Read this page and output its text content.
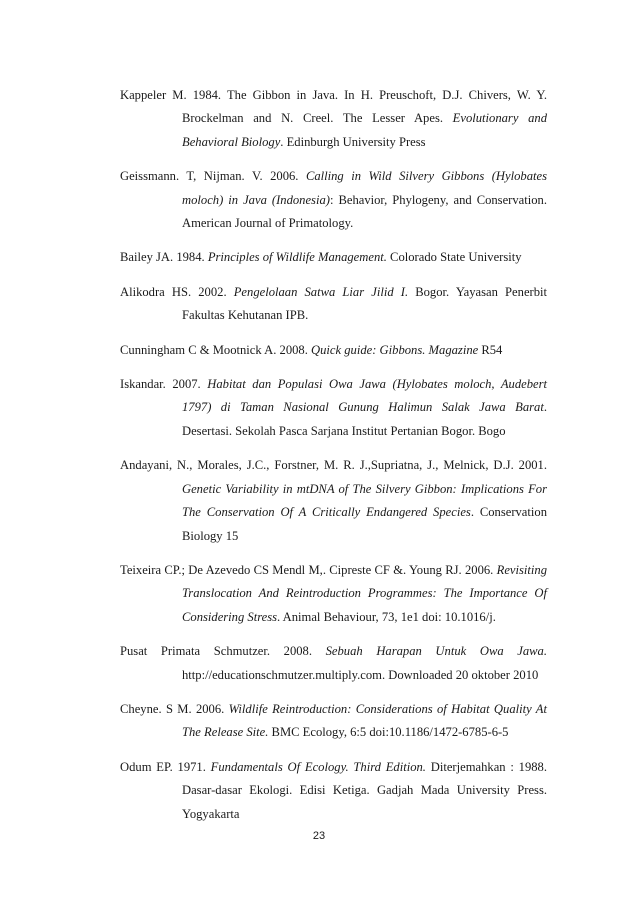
Kappeler M. 1984. The Gibbon in Java. In H. Preuschoft, D.J. Chivers, W. Y. Brockelman and N. Creel. The Lesser Apes. Evolutionary and Behavioral Biology. Edinburgh University Press

Geissmann. T, Nijman. V. 2006. Calling in Wild Silvery Gibbons (Hylobates moloch) in Java (Indonesia): Behavior, Phylogeny, and Conservation. American Journal of Primatology.

Bailey JA. 1984. Principles of Wildlife Management. Colorado State University

Alikodra HS. 2002. Pengelolaan Satwa Liar Jilid I. Bogor. Yayasan Penerbit Fakultas Kehutanan IPB.

Cunningham C & Mootnick A. 2008. Quick guide: Gibbons. Magazine R54

Iskandar. 2007. Habitat dan Populasi Owa Jawa (Hylobates moloch, Audebert 1797) di Taman Nasional Gunung Halimun Salak Jawa Barat. Desertasi. Sekolah Pasca Sarjana Institut Pertanian Bogor. Bogo

Andayani, N., Morales, J.C., Forstner, M. R. J.,Supriatna, J., Melnick, D.J. 2001. Genetic Variability in mtDNA of The Silvery Gibbon: Implications For The Conservation Of A Critically Endangered Species. Conservation Biology 15

Teixeira CP.; De Azevedo CS Mendl M,. Cipreste CF &. Young RJ. 2006. Revisiting Translocation And Reintroduction Programmes: The Importance Of Considering Stress. Animal Behaviour, 73, 1e1 doi: 10.1016/j.

Pusat Primata Schmutzer. 2008. Sebuah Harapan Untuk Owa Jawa. http://educationschmutzer.multiply.com. Downloaded 20 oktober 2010

Cheyne. S M. 2006. Wildlife Reintroduction: Considerations of Habitat Quality At The Release Site. BMC Ecology, 6:5 doi:10.1186/1472-6785-6-5

Odum EP. 1971. Fundamentals Of Ecology. Third Edition. Diterjemahkan : 1988. Dasar-dasar Ekologi. Edisi Ketiga. Gadjah Mada University Press. Yogyakarta

23
